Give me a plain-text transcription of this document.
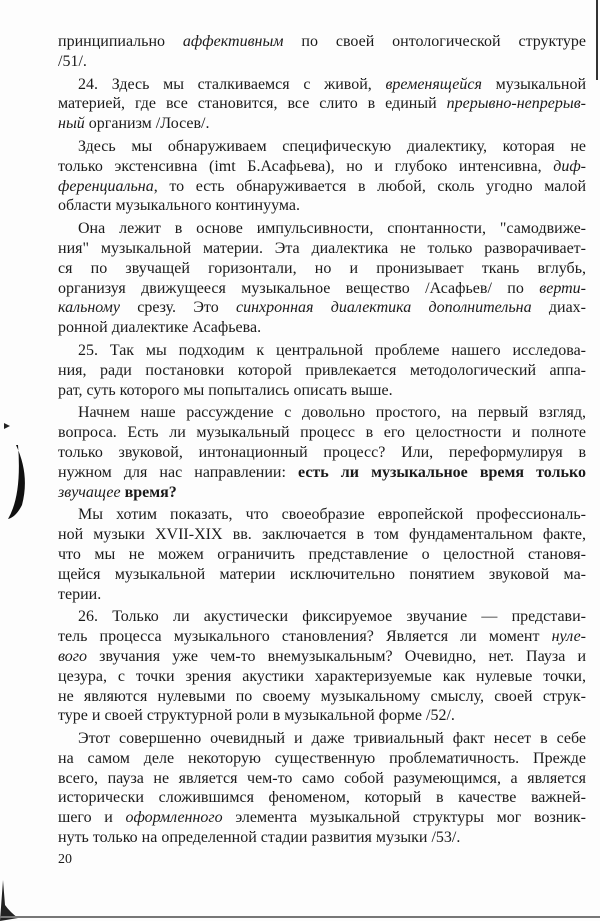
принципиально аффективным по своей онтологической структуре
/51/.
24. Здесь мы сталкиваемся с живой, временящейся музыкальной
материей, где все становится, все слито в единый прерывно-непрерыв-
ный организм /Лосев/.
Здесь мы обнаруживаем специфическую диалектику, которая не
только экстенсивна (imt Б.Асафьева), но и глубоко интенсивна, диф-
ференциальна, то есть обнаруживается в любой, сколь угодно малой
области музыкального континуума.
Она лежит в основе импульсивности, спонтанности, "самодвиже-
ния" музыкальной материи. Эта диалектика не только разворачивает-
ся по звучащей горизонтали, но и пронизывает ткань вглубь,
организуя движущееся музыкальное вещество /Асафьев/ по верти-
кальному срезу. Это синхронная диалектика дополнительна диах-
ронной диалектике Асафьева.
25. Так мы подходим к центральной проблеме нашего исследова-
ния, ради постановки которой привлекается методологический аппа-
рат, суть которого мы попытались описать выше.
Начнем наше рассуждение с довольно простого, на первый взгляд,
вопроса. Есть ли музыкальный процесс в его целостности и полноте
только звуковой, интонационный процесс? Или, переформулируя в
нужном для нас направлении: есть ли музыкальное время только
звучащее время?
Мы хотим показать, что своеобразие европейской профессиональ-
ной музыки XVII-XIX вв. заключается в том фундаментальном факте,
что мы не можем ограничить представление о целостной становя-
щейся музыкальной материи исключительно понятием звуковой ма-
терии.
26. Только ли акустически фиксируемое звучание — представи-
тель процесса музыкального становления? Является ли момент нуле-
вого звучания уже чем-то внемузыкальным? Очевидно, нет. Пауза и
цезура, с точки зрения акустики характеризуемые как нулевые точки,
не являются нулевыми по своему музыкальному смыслу, своей струк-
туре и своей структурной роли в музыкальной форме /52/.
Этот совершенно очевидный и даже тривиальный факт несет в себе
на самом деле некоторую существенную проблематичность. Прежде
всего, пауза не является чем-то само собой разумеющимся, а является
исторически сложившимся феноменом, который в качестве важней-
шего и оформленного элемента музыкальной структуры мог возник-
нуть только на определенной стадии развития музыки /53/.
20
